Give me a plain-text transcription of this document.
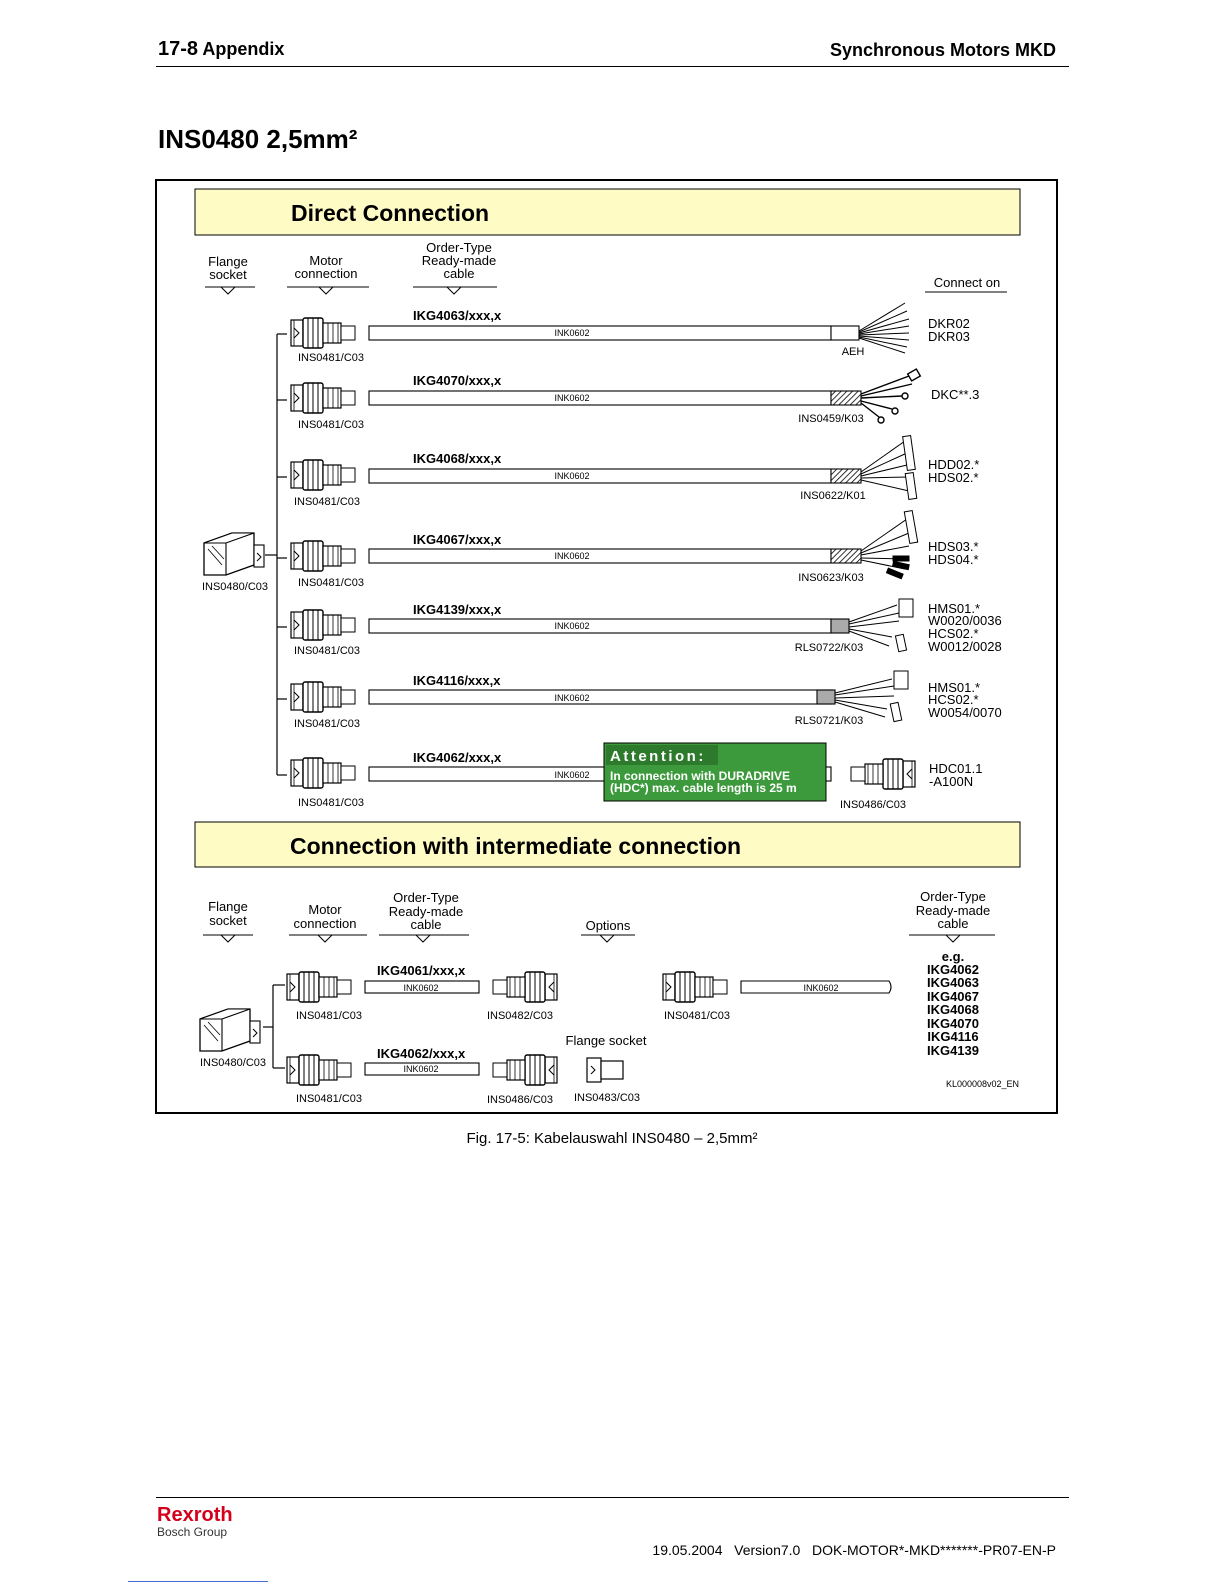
17-8 Appendix	Synchronous Motors MKD
INS0480 2,5mm²
Direct Connection
Flange
socket
Motor
connection
Order-Type
Ready-made
cable
Connect on
INS0480/C03
IKG4063/xxx,x
INK0602
INS0481/C03	AEH
DKR02
DKR03
IKG4070/xxx,x
INK0602
INS0481/C03	INS0459/K03
DKC**.3
IKG4068/xxx,x
INK0602
INS0481/C03	INS0622/K01
HDD02.*
HDS02.*
IKG4067/xxx,x
INK0602
INS0481/C03	INS0623/K03
HDS03.*
HDS04.*
IKG4139/xxx,x
INK0602
INS0481/C03	RLS0722/K03
HMS01.*
W0020/0036
HCS02.*
W0012/0028
IKG4116/xxx,x
INK0602
INS0481/C03	RLS0721/K03
HMS01.*
HCS02.*
W0054/0070
IKG4062/xxx,x
INK0602
INS0481/C03	INS0486/C03
HDC01.1
-A100N
Attention:
In connection with DURADRIVE
(HDC*) max. cable length is 25 m
Connection with intermediate connection
Flange
socket
Motor
connection
Order-Type
Ready-made
cable	Options
Order-Type
Ready-made
cable
INS0480/C03
IKG4061/xxx,x
INK0602
INS0481/C03	INS0482/C03
IKG4062/xxx,x
INK0602
INS0481/C03	INS0486/C03
Flange socket
INS0483/C03
INK0602
INS0481/C03
e.g.
IKG4062
IKG4063
IKG4067
IKG4068
IKG4070
IKG4116
IKG4139
KL000008v02_EN
Fig. 17-5: Kabelauswahl INS0480 – 2,5mm²
Rexroth
Bosch Group
19.05.2004   Version7.0   DOK-MOTOR*-MKD*******-PR07-EN-P
